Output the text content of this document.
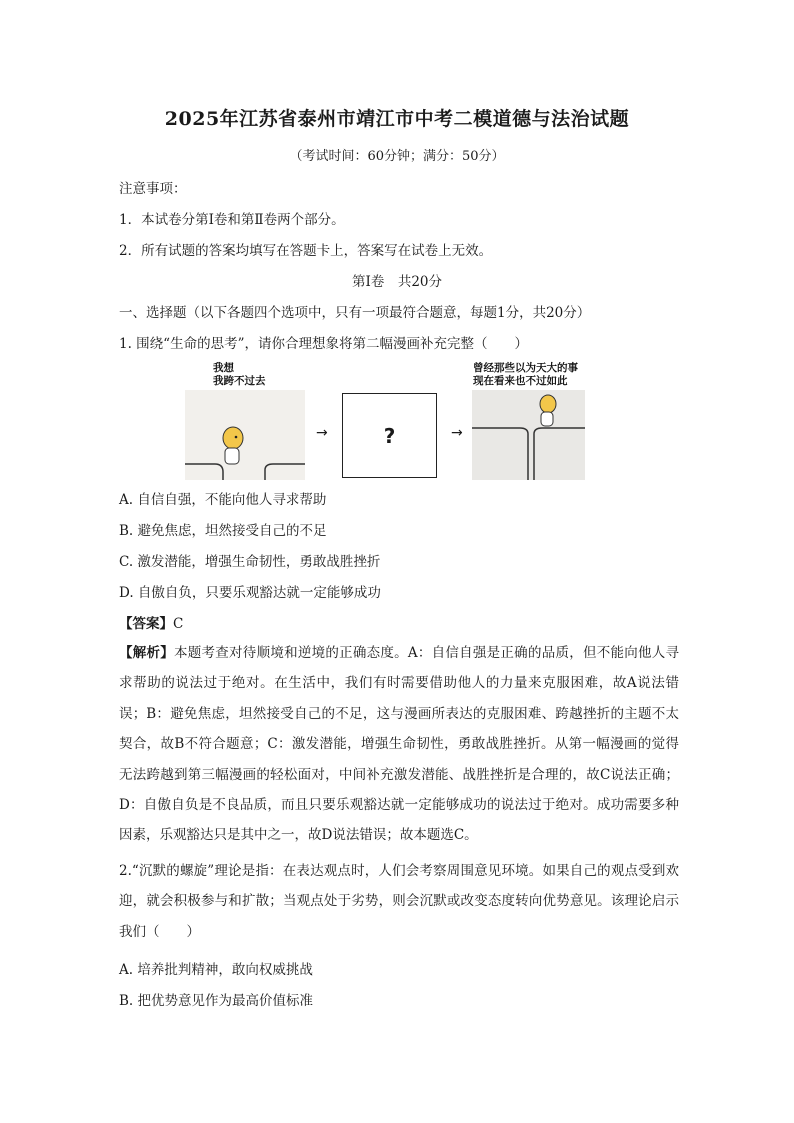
2025年江苏省泰州市靖江市中考二模道德与法治试题
（考试时间：60分钟；满分：50分）
注意事项：
1．本试卷分第Ⅰ卷和第Ⅱ卷两个部分。
2．所有试题的答案均填写在答题卡上，答案写在试卷上无效。
第Ⅰ卷　共20分
一、选择题（以下各题四个选项中，只有一项最符合题意，每题1分，共20分）
1. 围绕“生命的思考”，请你合理想象将第二幅漫画补充完整（　　）
我想
我跨不过去
→	?	→
曾经那些以为天大的事
现在看来也不过如此
A. 自信自强，不能向他人寻求帮助
B. 避免焦虑，坦然接受自己的不足
C. 激发潜能，增强生命韧性，勇敢战胜挫折
D. 自傲自负，只要乐观豁达就一定能够成功
【答案】C
【解析】本题考查对待顺境和逆境的正确态度。A：自信自强是正确的品质，但不能向他人寻求帮助的说法过于绝对。在生活中，我们有时需要借助他人的力量来克服困难，故A说法错误；B：避免焦虑，坦然接受自己的不足，这与漫画所表达的克服困难、跨越挫折的主题不太契合，故B不符合题意；C：激发潜能，增强生命韧性，勇敢战胜挫折。从第一幅漫画的觉得无法跨越到第三幅漫画的轻松面对，中间补充激发潜能、战胜挫折是合理的，故C说法正确；D：自傲自负是不良品质，而且只要乐观豁达就一定能够成功的说法过于绝对。成功需要多种因素，乐观豁达只是其中之一，故D说法错误；故本题选C。
2.“沉默的螺旋”理论是指：在表达观点时，人们会考察周围意见环境。如果自己的观点受到欢迎，就会积极参与和扩散；当观点处于劣势，则会沉默或改变态度转向优势意见。该理论启示我们（　　）
A. 培养批判精神，敢向权威挑战
B. 把优势意见作为最高价值标准
